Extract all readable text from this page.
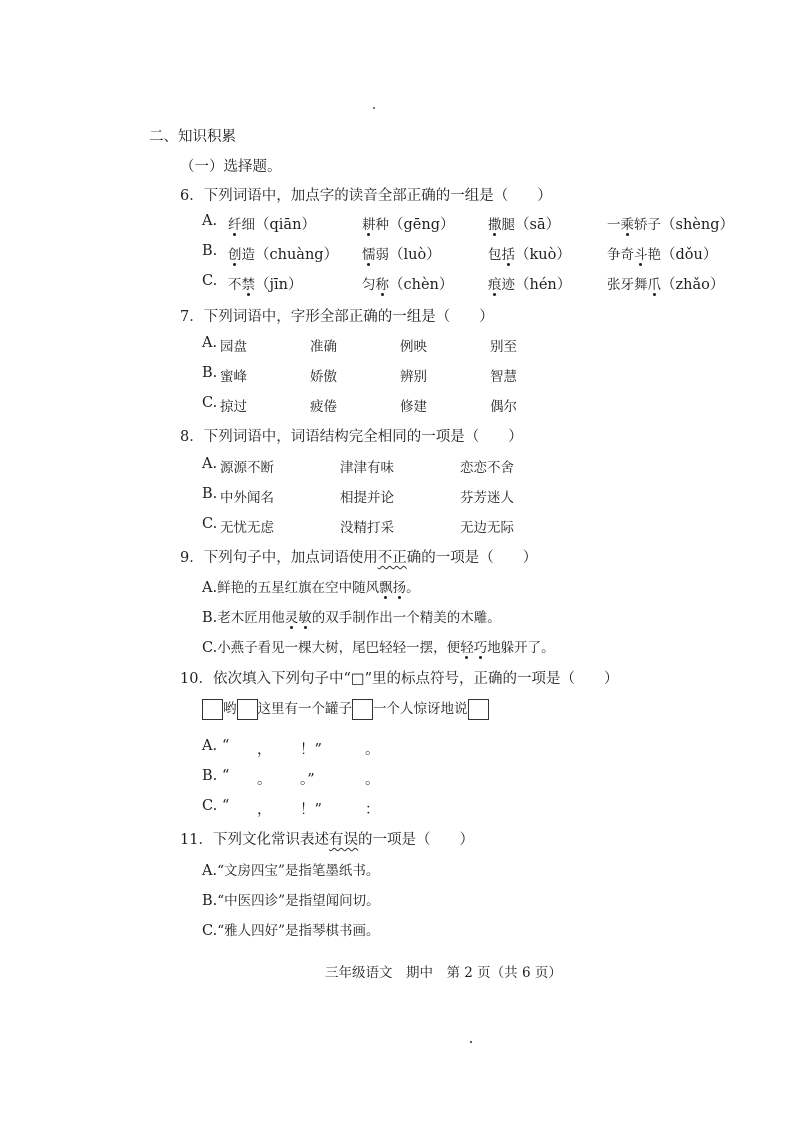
二、知识积累
（一）选择题。
6．下列词语中，加点字的读音全部正确的一组是（　　）
A. 纤细（qiān）	耕种（gēng） 撒腿（sā）	一乘轿子（shèng）
B. 创造（chuàng） 懦弱（luò）	包括（kuò）	争奇斗艳（dǒu）
C. 不禁（jīn）	匀称（chèn）	痕迹（hén）	张牙舞爪（zhǎo）
7．下列词语中，字形全部正确的一组是（　　）
A. 园盘	准确	例映	别至
B. 蜜峰	娇傲	辨别	智慧
C. 掠过	疲倦	修建	偶尔
8．下列词语中，词语结构完全相同的一项是（　　）
A. 源源不断	津津有味	恋恋不舍
B. 中外闻名	相提并论	芬芳迷人
C. 无忧无虑	没精打采	无边无际
9．下列句子中，加点词语使用不正确的一项是（　　）
A.鲜艳的五星红旗在空中随风飘扬。
B.老木匠用他灵敏的双手制作出一个精美的木雕。
C.小燕子看见一棵大树，尾巴轻轻一摆，便轻巧地躲开了。
10．依次填入下列句子中“□”里的标点符号，正确的一项是（　　）
哟 这里有一个罐子 一个人惊讶地说
A. “ ， ！”	。
B. “ 。 。”	。
C. “ ， ！”	：
11．下列文化常识表述有误的一项是（　　）
A.“文房四宝”是指笔墨纸书。
B.“中医四诊”是指望闻问切。
C.“雅人四好”是指琴棋书画。
三年级语文　期中　第 2 页（共 6 页）
